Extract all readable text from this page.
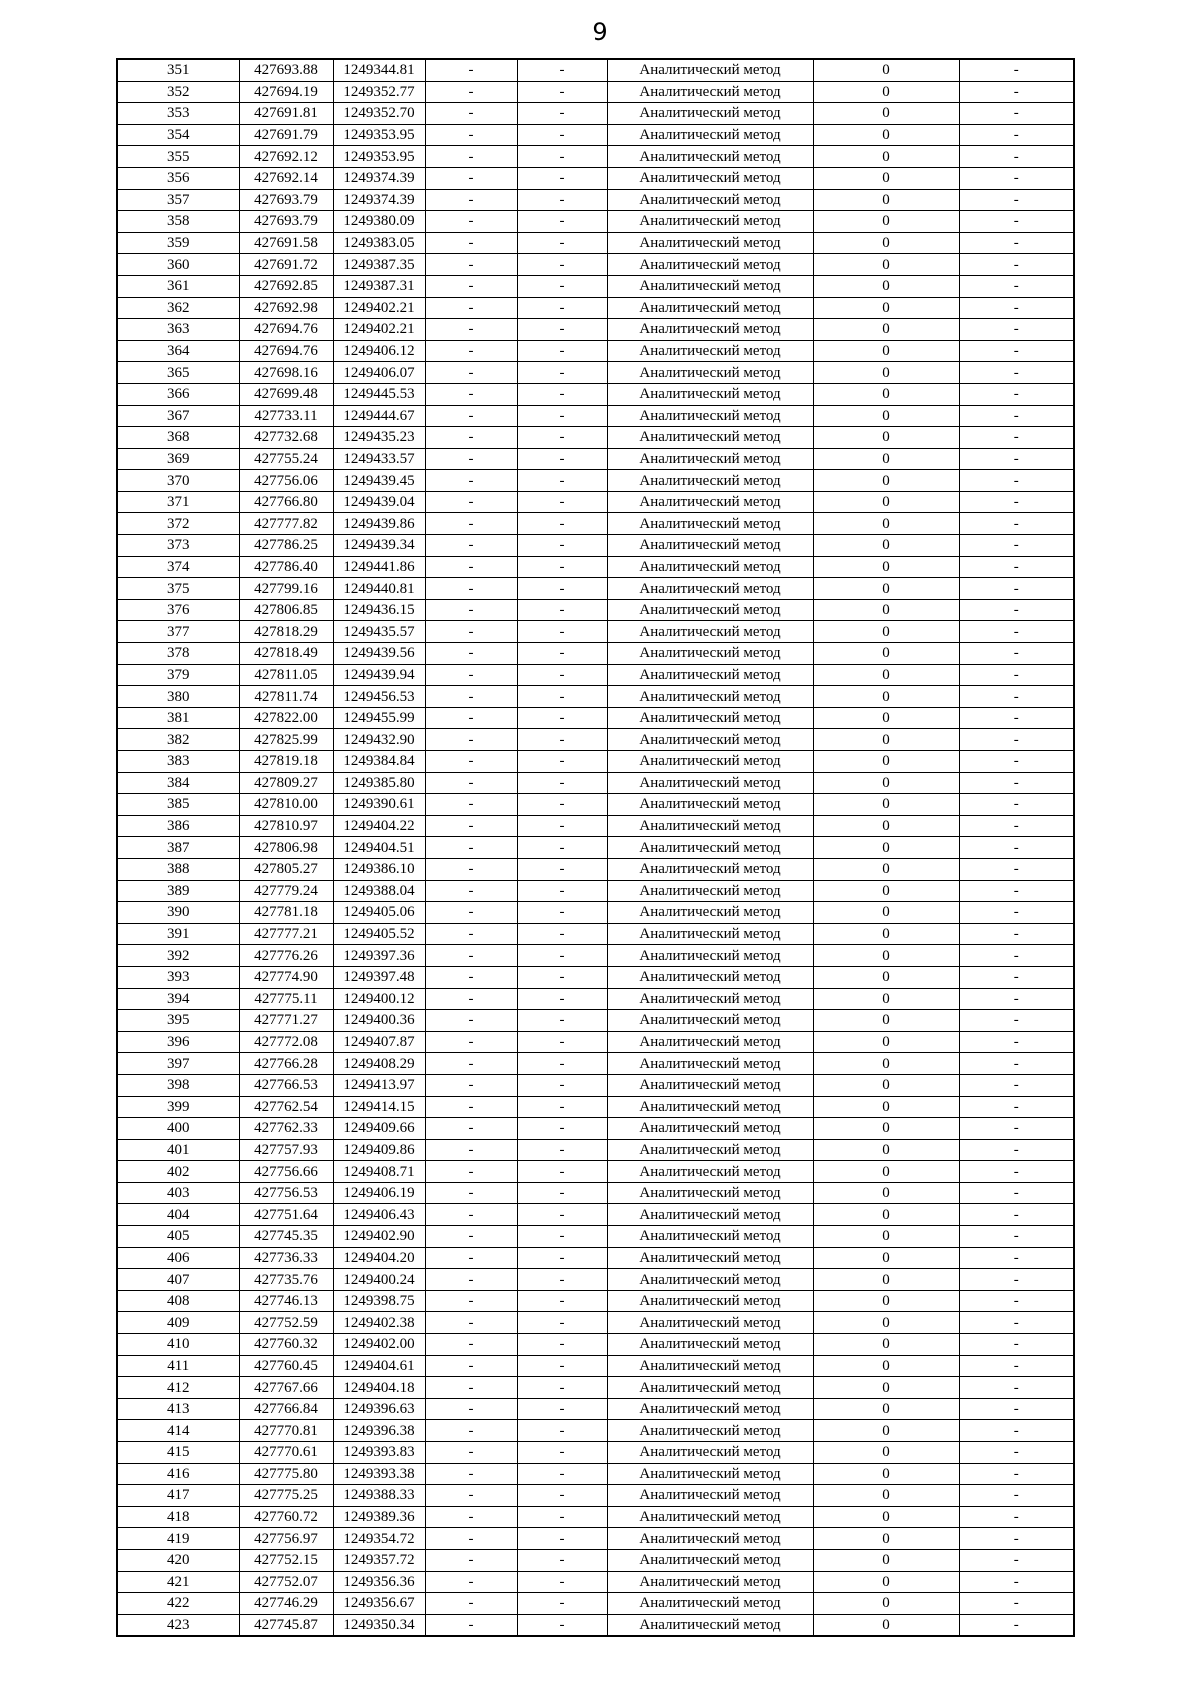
9
351	427693.88	1249344.81	-	-	Аналитический метод	0	-
352	427694.19	1249352.77	-	-	Аналитический метод	0	-
353	427691.81	1249352.70	-	-	Аналитический метод	0	-
354	427691.79	1249353.95	-	-	Аналитический метод	0	-
355	427692.12	1249353.95	-	-	Аналитический метод	0	-
356	427692.14	1249374.39	-	-	Аналитический метод	0	-
357	427693.79	1249374.39	-	-	Аналитический метод	0	-
358	427693.79	1249380.09	-	-	Аналитический метод	0	-
359	427691.58	1249383.05	-	-	Аналитический метод	0	-
360	427691.72	1249387.35	-	-	Аналитический метод	0	-
361	427692.85	1249387.31	-	-	Аналитический метод	0	-
362	427692.98	1249402.21	-	-	Аналитический метод	0	-
363	427694.76	1249402.21	-	-	Аналитический метод	0	-
364	427694.76	1249406.12	-	-	Аналитический метод	0	-
365	427698.16	1249406.07	-	-	Аналитический метод	0	-
366	427699.48	1249445.53	-	-	Аналитический метод	0	-
367	427733.11	1249444.67	-	-	Аналитический метод	0	-
368	427732.68	1249435.23	-	-	Аналитический метод	0	-
369	427755.24	1249433.57	-	-	Аналитический метод	0	-
370	427756.06	1249439.45	-	-	Аналитический метод	0	-
371	427766.80	1249439.04	-	-	Аналитический метод	0	-
372	427777.82	1249439.86	-	-	Аналитический метод	0	-
373	427786.25	1249439.34	-	-	Аналитический метод	0	-
374	427786.40	1249441.86	-	-	Аналитический метод	0	-
375	427799.16	1249440.81	-	-	Аналитический метод	0	-
376	427806.85	1249436.15	-	-	Аналитический метод	0	-
377	427818.29	1249435.57	-	-	Аналитический метод	0	-
378	427818.49	1249439.56	-	-	Аналитический метод	0	-
379	427811.05	1249439.94	-	-	Аналитический метод	0	-
380	427811.74	1249456.53	-	-	Аналитический метод	0	-
381	427822.00	1249455.99	-	-	Аналитический метод	0	-
382	427825.99	1249432.90	-	-	Аналитический метод	0	-
383	427819.18	1249384.84	-	-	Аналитический метод	0	-
384	427809.27	1249385.80	-	-	Аналитический метод	0	-
385	427810.00	1249390.61	-	-	Аналитический метод	0	-
386	427810.97	1249404.22	-	-	Аналитический метод	0	-
387	427806.98	1249404.51	-	-	Аналитический метод	0	-
388	427805.27	1249386.10	-	-	Аналитический метод	0	-
389	427779.24	1249388.04	-	-	Аналитический метод	0	-
390	427781.18	1249405.06	-	-	Аналитический метод	0	-
391	427777.21	1249405.52	-	-	Аналитический метод	0	-
392	427776.26	1249397.36	-	-	Аналитический метод	0	-
393	427774.90	1249397.48	-	-	Аналитический метод	0	-
394	427775.11	1249400.12	-	-	Аналитический метод	0	-
395	427771.27	1249400.36	-	-	Аналитический метод	0	-
396	427772.08	1249407.87	-	-	Аналитический метод	0	-
397	427766.28	1249408.29	-	-	Аналитический метод	0	-
398	427766.53	1249413.97	-	-	Аналитический метод	0	-
399	427762.54	1249414.15	-	-	Аналитический метод	0	-
400	427762.33	1249409.66	-	-	Аналитический метод	0	-
401	427757.93	1249409.86	-	-	Аналитический метод	0	-
402	427756.66	1249408.71	-	-	Аналитический метод	0	-
403	427756.53	1249406.19	-	-	Аналитический метод	0	-
404	427751.64	1249406.43	-	-	Аналитический метод	0	-
405	427745.35	1249402.90	-	-	Аналитический метод	0	-
406	427736.33	1249404.20	-	-	Аналитический метод	0	-
407	427735.76	1249400.24	-	-	Аналитический метод	0	-
408	427746.13	1249398.75	-	-	Аналитический метод	0	-
409	427752.59	1249402.38	-	-	Аналитический метод	0	-
410	427760.32	1249402.00	-	-	Аналитический метод	0	-
411	427760.45	1249404.61	-	-	Аналитический метод	0	-
412	427767.66	1249404.18	-	-	Аналитический метод	0	-
413	427766.84	1249396.63	-	-	Аналитический метод	0	-
414	427770.81	1249396.38	-	-	Аналитический метод	0	-
415	427770.61	1249393.83	-	-	Аналитический метод	0	-
416	427775.80	1249393.38	-	-	Аналитический метод	0	-
417	427775.25	1249388.33	-	-	Аналитический метод	0	-
418	427760.72	1249389.36	-	-	Аналитический метод	0	-
419	427756.97	1249354.72	-	-	Аналитический метод	0	-
420	427752.15	1249357.72	-	-	Аналитический метод	0	-
421	427752.07	1249356.36	-	-	Аналитический метод	0	-
422	427746.29	1249356.67	-	-	Аналитический метод	0	-
423	427745.87	1249350.34	-	-	Аналитический метод	0	-
